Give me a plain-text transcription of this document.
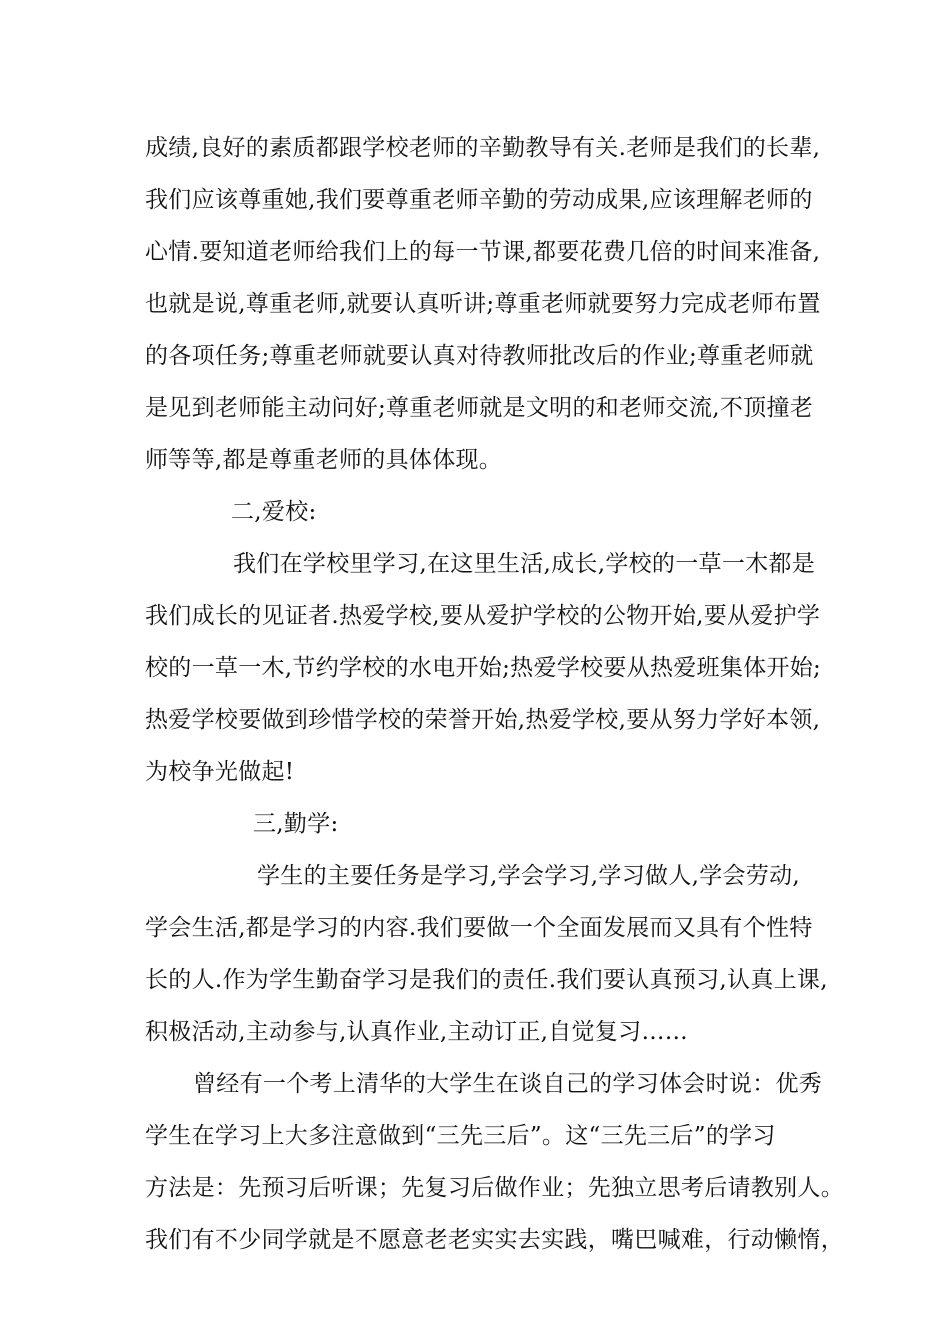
成绩,良好的素质都跟学校老师的辛勤教导有关.老师是我们的长辈,
我们应该尊重她,我们要尊重老师辛勤的劳动成果,应该理解老师的
心情.要知道老师给我们上的每一节课,都要花费几倍的时间来准备,
也就是说,尊重老师,就要认真听讲;尊重老师就要努力完成老师布置
的各项任务;尊重老师就要认真对待教师批改后的作业;尊重老师就
是见到老师能主动问好;尊重老师就是文明的和老师交流,不顶撞老
师等等,都是尊重老师的具体体现。
二,爱校:
我们在学校里学习,在这里生活,成长,学校的一草一木都是
我们成长的见证者.热爱学校,要从爱护学校的公物开始,要从爱护学
校的一草一木,节约学校的水电开始;热爱学校要从热爱班集体开始;
热爱学校要做到珍惜学校的荣誉开始,热爱学校,要从努力学好本领,
为校争光做起!
三,勤学:
学生的主要任务是学习,学会学习,学习做人,学会劳动,
学会生活,都是学习的内容.我们要做一个全面发展而又具有个性特
长的人.作为学生勤奋学习是我们的责任.我们要认真预习,认真上课,
积极活动,主动参与,认真作业,主动订正,自觉复习……
曾经有一个考上清华的大学生在谈自己的学习体会时说：优秀
学生在学习上大多注意做到“三先三后”。这“三先三后”的学习
方法是：先预习后听课；先复习后做作业；先独立思考后请教别人。
我们有不少同学就是不愿意老老实实去实践，嘴巴喊难，行动懒惰，
